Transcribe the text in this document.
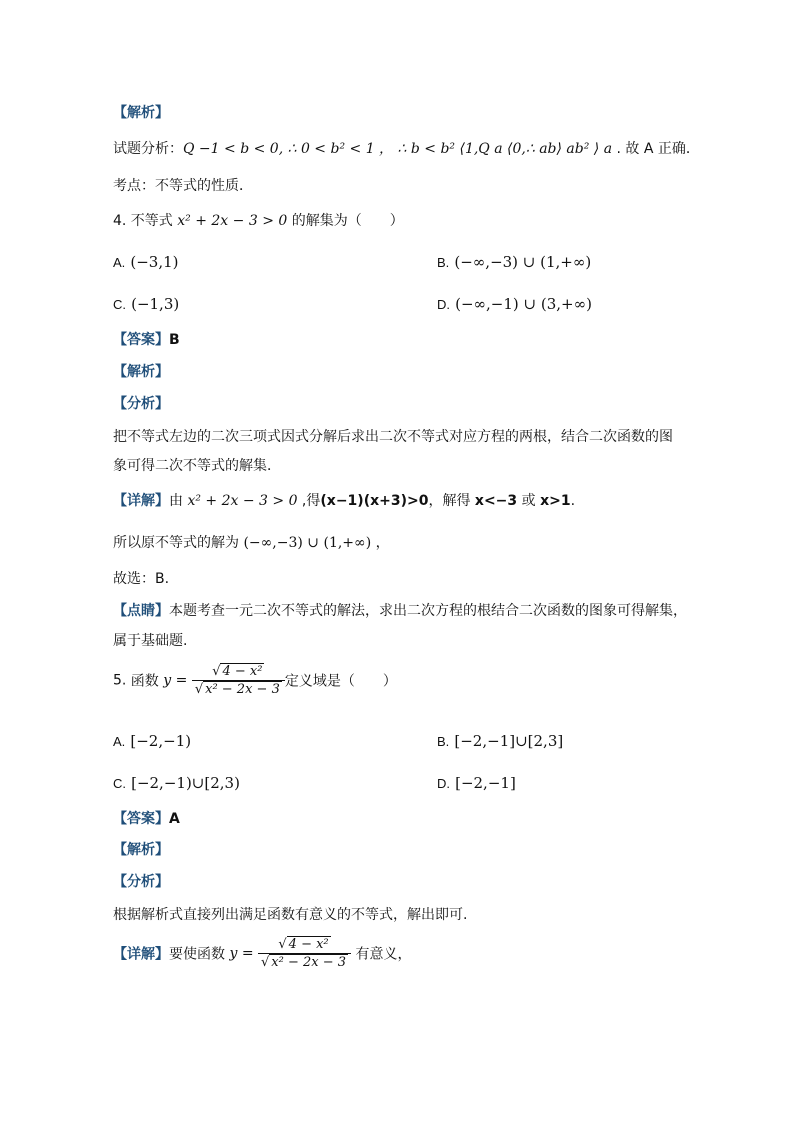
【解析】
试题分析：Q −1 < b < 0, ∴ 0 < b² < 1 ， ∴ b < b² ⟨1,Q a ⟨0,∴ ab⟩ ab² ⟩ a . 故 A 正确．
考点：不等式的性质．
4. 不等式 x² + 2x − 3 > 0 的解集为（　　）
A. (−3,1)	B. (−∞,−3) ∪ (1,+∞)
C. (−1,3)	D. (−∞,−1) ∪ (3,+∞)
【答案】B
【解析】
【分析】
把不等式左边的二次三项式因式分解后求出二次不等式对应方程的两根，结合二次函数的图
象可得二次不等式的解集．
【详解】由 x² + 2x − 3 > 0 ,得(x−1)(x+3)>0，解得 x<−3 或 x>1.
所以原不等式的解为 (−∞,−3) ∪ (1,+∞) ，
故选：B.
【点睛】本题考查一元二次不等式的解法，求出二次方程的根结合二次函数的图象可得解集，
属于基础题.
5. 函数 $y = \frac{\text{√ 4 − x²}}{\text{√ x² − 2x − 3}}$ 定义域是（　　）
A. [−2,−1)	B. [−2,−1]∪[2,3]
C. [−2,−1)∪[2,3)	D. [−2,−1]
【答案】A
【解析】
【分析】
根据解析式直接列出满足函数有意义的不等式，解出即可.
【详解】要使函数 $y = \frac{\text{√ 4 − x²}}{\text{√ x² − 2x − 3}}$ 有意义，
